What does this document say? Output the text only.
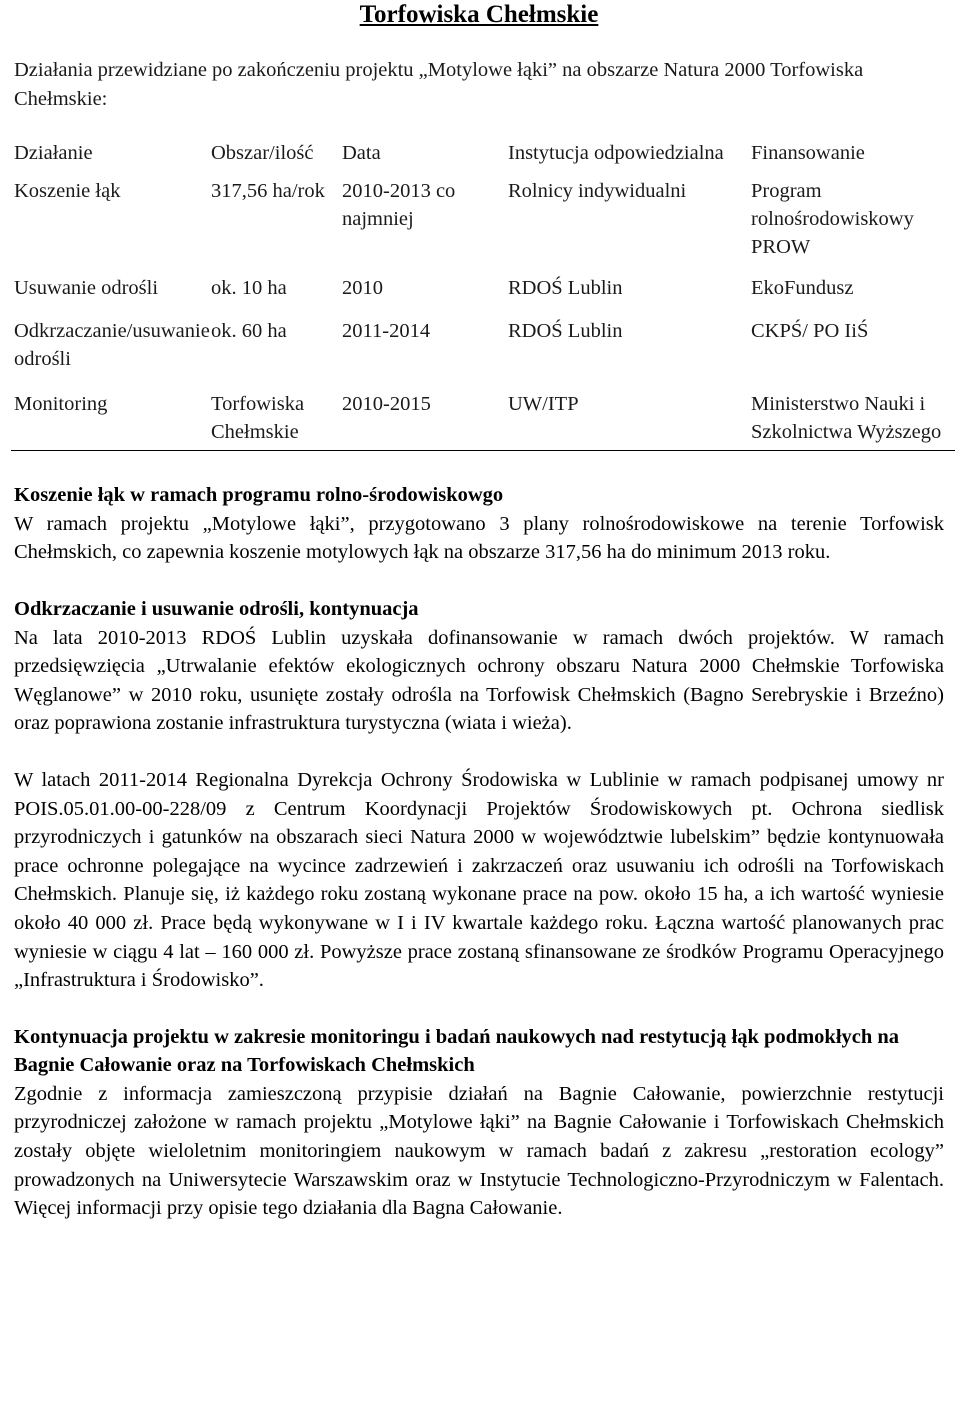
Torfowiska Chełmskie

Działania przewidziane po zakończeniu projektu „Motylowe łąki” na obszarze Natura 2000 Torfowiska Chełmskie:

Działanie	Obszar/ilość	Data	Instytucja odpowiedzialna	Finansowanie
Koszenie łąk	317,56 ha/rok	2010-2013 co najmniej	Rolnicy indywidualni	Program rolnośrodowiskowy PROW
Usuwanie odrośli	ok. 10 ha	2010	RDOŚ Lublin	EkoFundusz
Odkrzaczanie/usuwanie odrośli	ok. 60 ha	2011-2014	RDOŚ Lublin	CKPŚ/ PO IiŚ
Monitoring	Torfowiska Chełmskie	2010-2015	UW/ITP	Ministerstwo Nauki i Szkolnictwa Wyższego

Koszenie łąk w ramach programu rolno-środowiskowgo

W ramach projektu „Motylowe łąki”, przygotowano 3 plany rolnośrodowiskowe na terenie Torfowisk Chełmskich, co zapewnia koszenie motylowych łąk na obszarze 317,56 ha do minimum 2013 roku.

Odkrzaczanie i usuwanie odrośli, kontynuacja

Na lata 2010-2013 RDOŚ Lublin uzyskała dofinansowanie w ramach dwóch projektów. W ramach przedsięwzięcia „Utrwalanie efektów ekologicznych ochrony obszaru Natura 2000 Chełmskie Torfowiska Węglanowe” w 2010 roku, usunięte zostały odrośla na Torfowisk Chełmskich (Bagno Serebryskie i Brzeźno) oraz poprawiona zostanie infrastruktura turystyczna (wiata i wieża).

W latach 2011-2014 Regionalna Dyrekcja Ochrony Środowiska w Lublinie w ramach podpisanej umowy nr POIS.05.01.00-00-228/09 z Centrum Koordynacji Projektów Środowiskowych pt. Ochrona siedlisk przyrodniczych i gatunków na obszarach sieci Natura 2000 w województwie lubelskim” będzie kontynuowała prace ochronne polegające na wycince zadrzewień i zakrzaczeń oraz usuwaniu ich odrośli na Torfowiskach Chełmskich. Planuje się, iż każdego roku zostaną wykonane prace na pow. około 15 ha, a ich wartość wyniesie około 40 000 zł. Prace będą wykonywane w I i IV kwartale każdego roku. Łączna wartość planowanych prac wyniesie w ciągu 4 lat – 160 000 zł. Powyższe prace zostaną sfinansowane ze środków Programu Operacyjnego „Infrastruktura i Środowisko”.

Kontynuacja projektu w zakresie monitoringu i badań naukowych nad restytucją łąk podmokłych na Bagnie Całowanie oraz na Torfowiskach Chełmskich

Zgodnie z informacja zamieszczoną przypisie działań na Bagnie Całowanie, powierzchnie restytucji przyrodniczej założone w ramach projektu „Motylowe łąki” na Bagnie Całowanie i Torfowiskach Chełmskich zostały objęte wieloletnim monitoringiem naukowym w ramach badań z zakresu „restoration ecology” prowadzonych na Uniwersytecie Warszawskim oraz w Instytucie Technologiczno-Przyrodniczym w Falentach. Więcej informacji przy opisie tego działania dla Bagna Całowanie.
